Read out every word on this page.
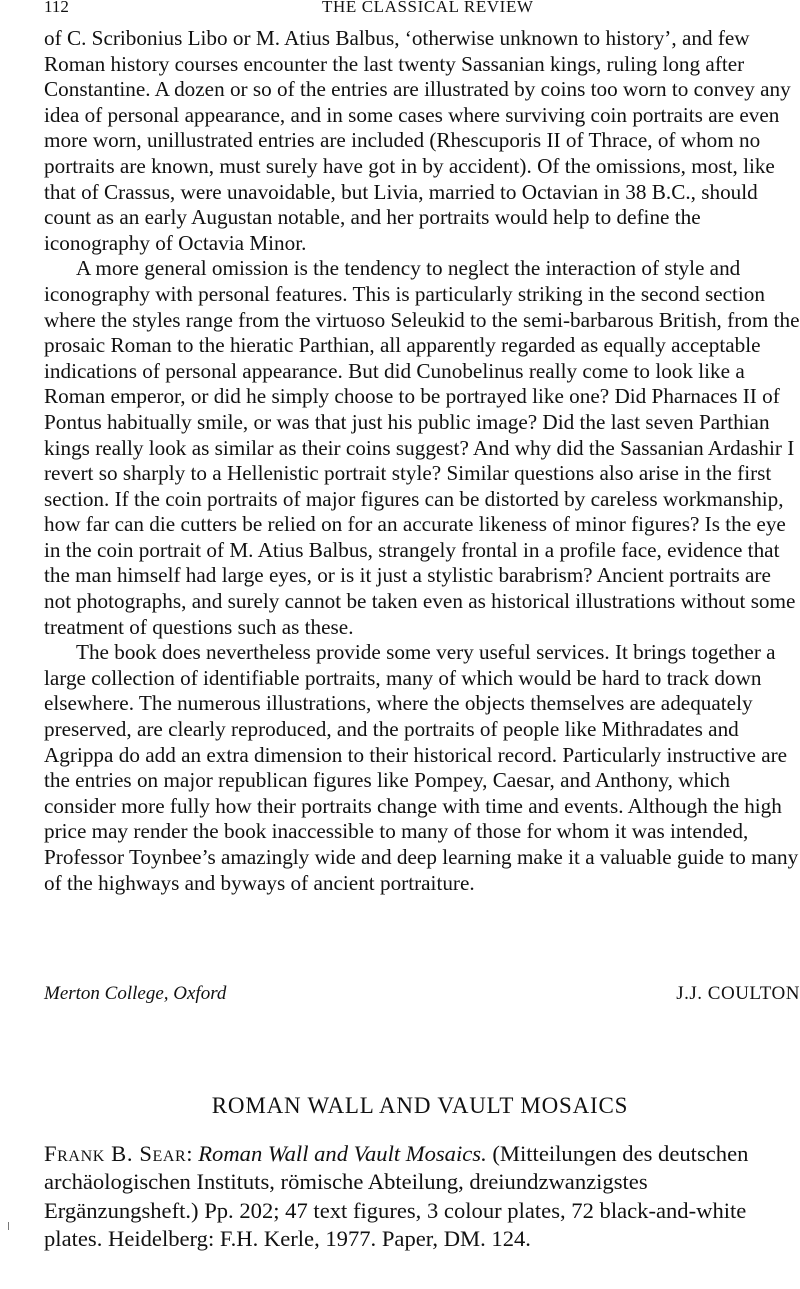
112	THE CLASSICAL REVIEW

of C. Scribonius Libo or M. Atius Balbus, ‘otherwise unknown to history’, and few Roman history courses encounter the last twenty Sassanian kings, ruling long after Constantine. A dozen or so of the entries are illustrated by coins too worn to convey any idea of personal appearance, and in some cases where surviving coin portraits are even more worn, unillustrated entries are included (Rhescuporis II of Thrace, of whom no portraits are known, must surely have got in by accident). Of the omissions, most, like that of Crassus, were unavoidable, but Livia, married to Octavian in 38 B.C., should count as an early Augustan notable, and her portraits would help to define the iconography of Octavia Minor.

A more general omission is the tendency to neglect the interaction of style and iconography with personal features. This is particularly striking in the second section where the styles range from the virtuoso Seleukid to the semi-barbarous British, from the prosaic Roman to the hieratic Parthian, all apparently regarded as equally acceptable indications of personal appearance. But did Cunobelinus really come to look like a Roman emperor, or did he simply choose to be portrayed like one? Did Pharnaces II of Pontus habitually smile, or was that just his public image? Did the last seven Parthian kings really look as similar as their coins suggest? And why did the Sassanian Ardashir I revert so sharply to a Hellenistic portrait style? Similar questions also arise in the first section. If the coin portraits of major figures can be distorted by careless workmanship, how far can die cutters be relied on for an accurate likeness of minor figures? Is the eye in the coin portrait of M. Atius Balbus, strangely frontal in a profile face, evidence that the man himself had large eyes, or is it just a stylistic barabrism? Ancient portraits are not photographs, and surely cannot be taken even as historical illustrations without some treatment of questions such as these.

The book does nevertheless provide some very useful services. It brings together a large collection of identifiable portraits, many of which would be hard to track down elsewhere. The numerous illustrations, where the objects themselves are adequately preserved, are clearly reproduced, and the portraits of people like Mithradates and Agrippa do add an extra dimension to their historical record. Particularly instructive are the entries on major republican figures like Pompey, Caesar, and Anthony, which consider more fully how their portraits change with time and events. Although the high price may render the book inaccessible to many of those for whom it was intended, Professor Toynbee’s amazingly wide and deep learning make it a valuable guide to many of the highways and byways of ancient portraiture.

Merton College, Oxford	J.J. COULTON
ROMAN WALL AND VAULT MOSAICS

Frank B. Sear: Roman Wall and Vault Mosaics. (Mitteilungen des deutschen archäologischen Instituts, römische Abteilung, dreiundzwanzigstes Ergänzungsheft.) Pp. 202; 47 text figures, 3 colour plates, 72 black-and-white plates. Heidelberg: F.H. Kerle, 1977. Paper, DM. 124.
